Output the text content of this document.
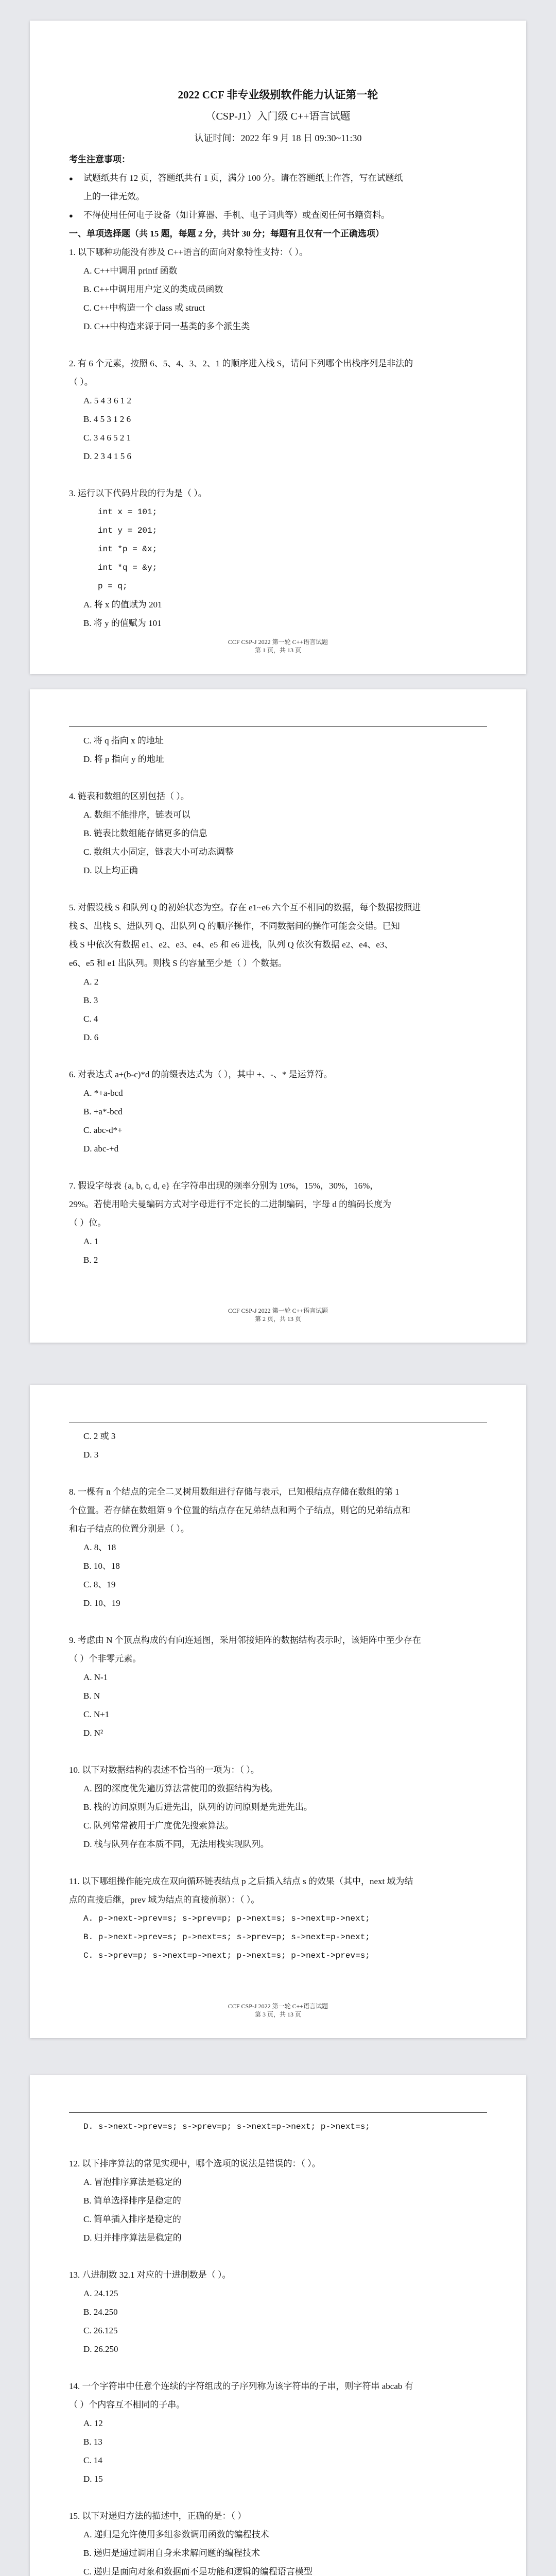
2022 CCF 非专业级别软件能力认证第一轮
（CSP-J1）入门级 C++语言试题
认证时间：2022 年 9 月 18 日 09:30~11:30
考生注意事项：
● 试题纸共有 12 页，答题纸共有 1 页，满分 100 分。请在答题纸上作答，写在试题纸
上的一律无效。
● 不得使用任何电子设备（如计算器、手机、电子词典等）或查阅任何书籍资料。
一、单项选择题（共 15 题，每题 2 分，共计 30 分；每题有且仅有一个正确选项）
1. 以下哪种功能没有涉及 C++语言的面向对象特性支持：（ ）。
A. C++中调用 printf 函数
B. C++中调用用户定义的类成员函数
C. C++中构造一个 class 或 struct
D. C++中构造来源于同一基类的多个派生类
2. 有 6 个元素，按照 6、5、4、3、2、1 的顺序进入栈 S，请问下列哪个出栈序列是非法的
（ ）。
A. 5 4 3 6 1 2
B. 4 5 3 1 2 6
C. 3 4 6 5 2 1
D. 2 3 4 1 5 6
3. 运行以下代码片段的行为是（ ）。
int x = 101;
int y = 201;
int *p = &x;
int *q = &y;
p = q;
A. 将 x 的值赋为 201
B. 将 y 的值赋为 101
CCF CSP-J 2022 第一轮 C++语言试题
第 1 页，共 13 页
C. 将 q 指向 x 的地址
D. 将 p 指向 y 的地址
4. 链表和数组的区别包括（ ）。
A. 数组不能排序，链表可以
B. 链表比数组能存储更多的信息
C. 数组大小固定，链表大小可动态调整
D. 以上均正确
5. 对假设栈 S 和队列 Q 的初始状态为空。存在 e1~e6 六个互不相同的数据，每个数据按照进
栈 S、出栈 S、进队列 Q、出队列 Q 的顺序操作，不同数据间的操作可能会交错。已知
栈 S 中依次有数据 e1、e2、e3、e4、e5 和 e6 进栈，队列 Q 依次有数据 e2、e4、e3、
e6、e5 和 e1 出队列。则栈 S 的容量至少是（ ）个数据。
A. 2
B. 3
C. 4
D. 6
6. 对表达式 a+(b-c)*d 的前缀表达式为（ ），其中 +、-、* 是运算符。
A. *+a-bcd
B. +a*-bcd
C. abc-d*+
D. abc-+d
7. 假设字母表 {a, b, c, d, e} 在字符串出现的频率分别为 10%，15%，30%，16%，
29%。若使用哈夫曼编码方式对字母进行不定长的二进制编码，字母 d 的编码长度为
（ ）位。
A. 1
B. 2
CCF CSP-J 2022 第一轮 C++语言试题
第 2 页，共 13 页
C. 2 或 3
D. 3
8. 一棵有 n 个结点的完全二叉树用数组进行存储与表示，已知根结点存储在数组的第 1
个位置。若存储在数组第 9 个位置的结点存在兄弟结点和两个子结点，则它的兄弟结点和
和右子结点的位置分别是（ ）。
A. 8、18
B. 10、18
C. 8、19
D. 10、19
9. 考虑由 N 个顶点构成的有向连通图，采用邻接矩阵的数据结构表示时，该矩阵中至少存在
（ ）个非零元素。
A. N-1
B. N
C. N+1
D. N²
10. 以下对数据结构的表述不恰当的一项为：（ ）。
A. 图的深度优先遍历算法常使用的数据结构为栈。
B. 栈的访问原则为后进先出，队列的访问原则是先进先出。
C. 队列常常被用于广度优先搜索算法。
D. 栈与队列存在本质不同，无法用栈实现队列。
11. 以下哪组操作能完成在双向循环链表结点 p 之后插入结点 s 的效果（其中，next 域为结
点的直接后继，prev 域为结点的直接前驱）：（ ）。
A. p->next->prev=s; s->prev=p; p->next=s; s->next=p->next;
B. p->next->prev=s; p->next=s; s->prev=p; s->next=p->next;
C. s->prev=p; s->next=p->next; p->next=s; p->next->prev=s;
CCF CSP-J 2022 第一轮 C++语言试题
第 3 页，共 13 页
D. s->next->prev=s; s->prev=p; s->next=p->next; p->next=s;
12. 以下排序算法的常见实现中，哪个选项的说法是错误的：（ ）。
A. 冒泡排序算法是稳定的
B. 简单选择排序是稳定的
C. 简单插入排序是稳定的
D. 归并排序算法是稳定的
13. 八进制数 32.1 对应的十进制数是（ ）。
A. 24.125
B. 24.250
C. 26.125
D. 26.250
14. 一个字符串中任意个连续的字符组成的子序列称为该字符串的子串，则字符串 abcab 有
（ ）个内容互不相同的子串。
A. 12
B. 13
C. 14
D. 15
15. 以下对递归方法的描述中，正确的是：（ ）
A. 递归是允许使用多组参数调用函数的编程技术
B. 递归是通过调用自身来求解问题的编程技术
C. 递归是面向对象和数据而不是功能和逻辑的编程语言模型
